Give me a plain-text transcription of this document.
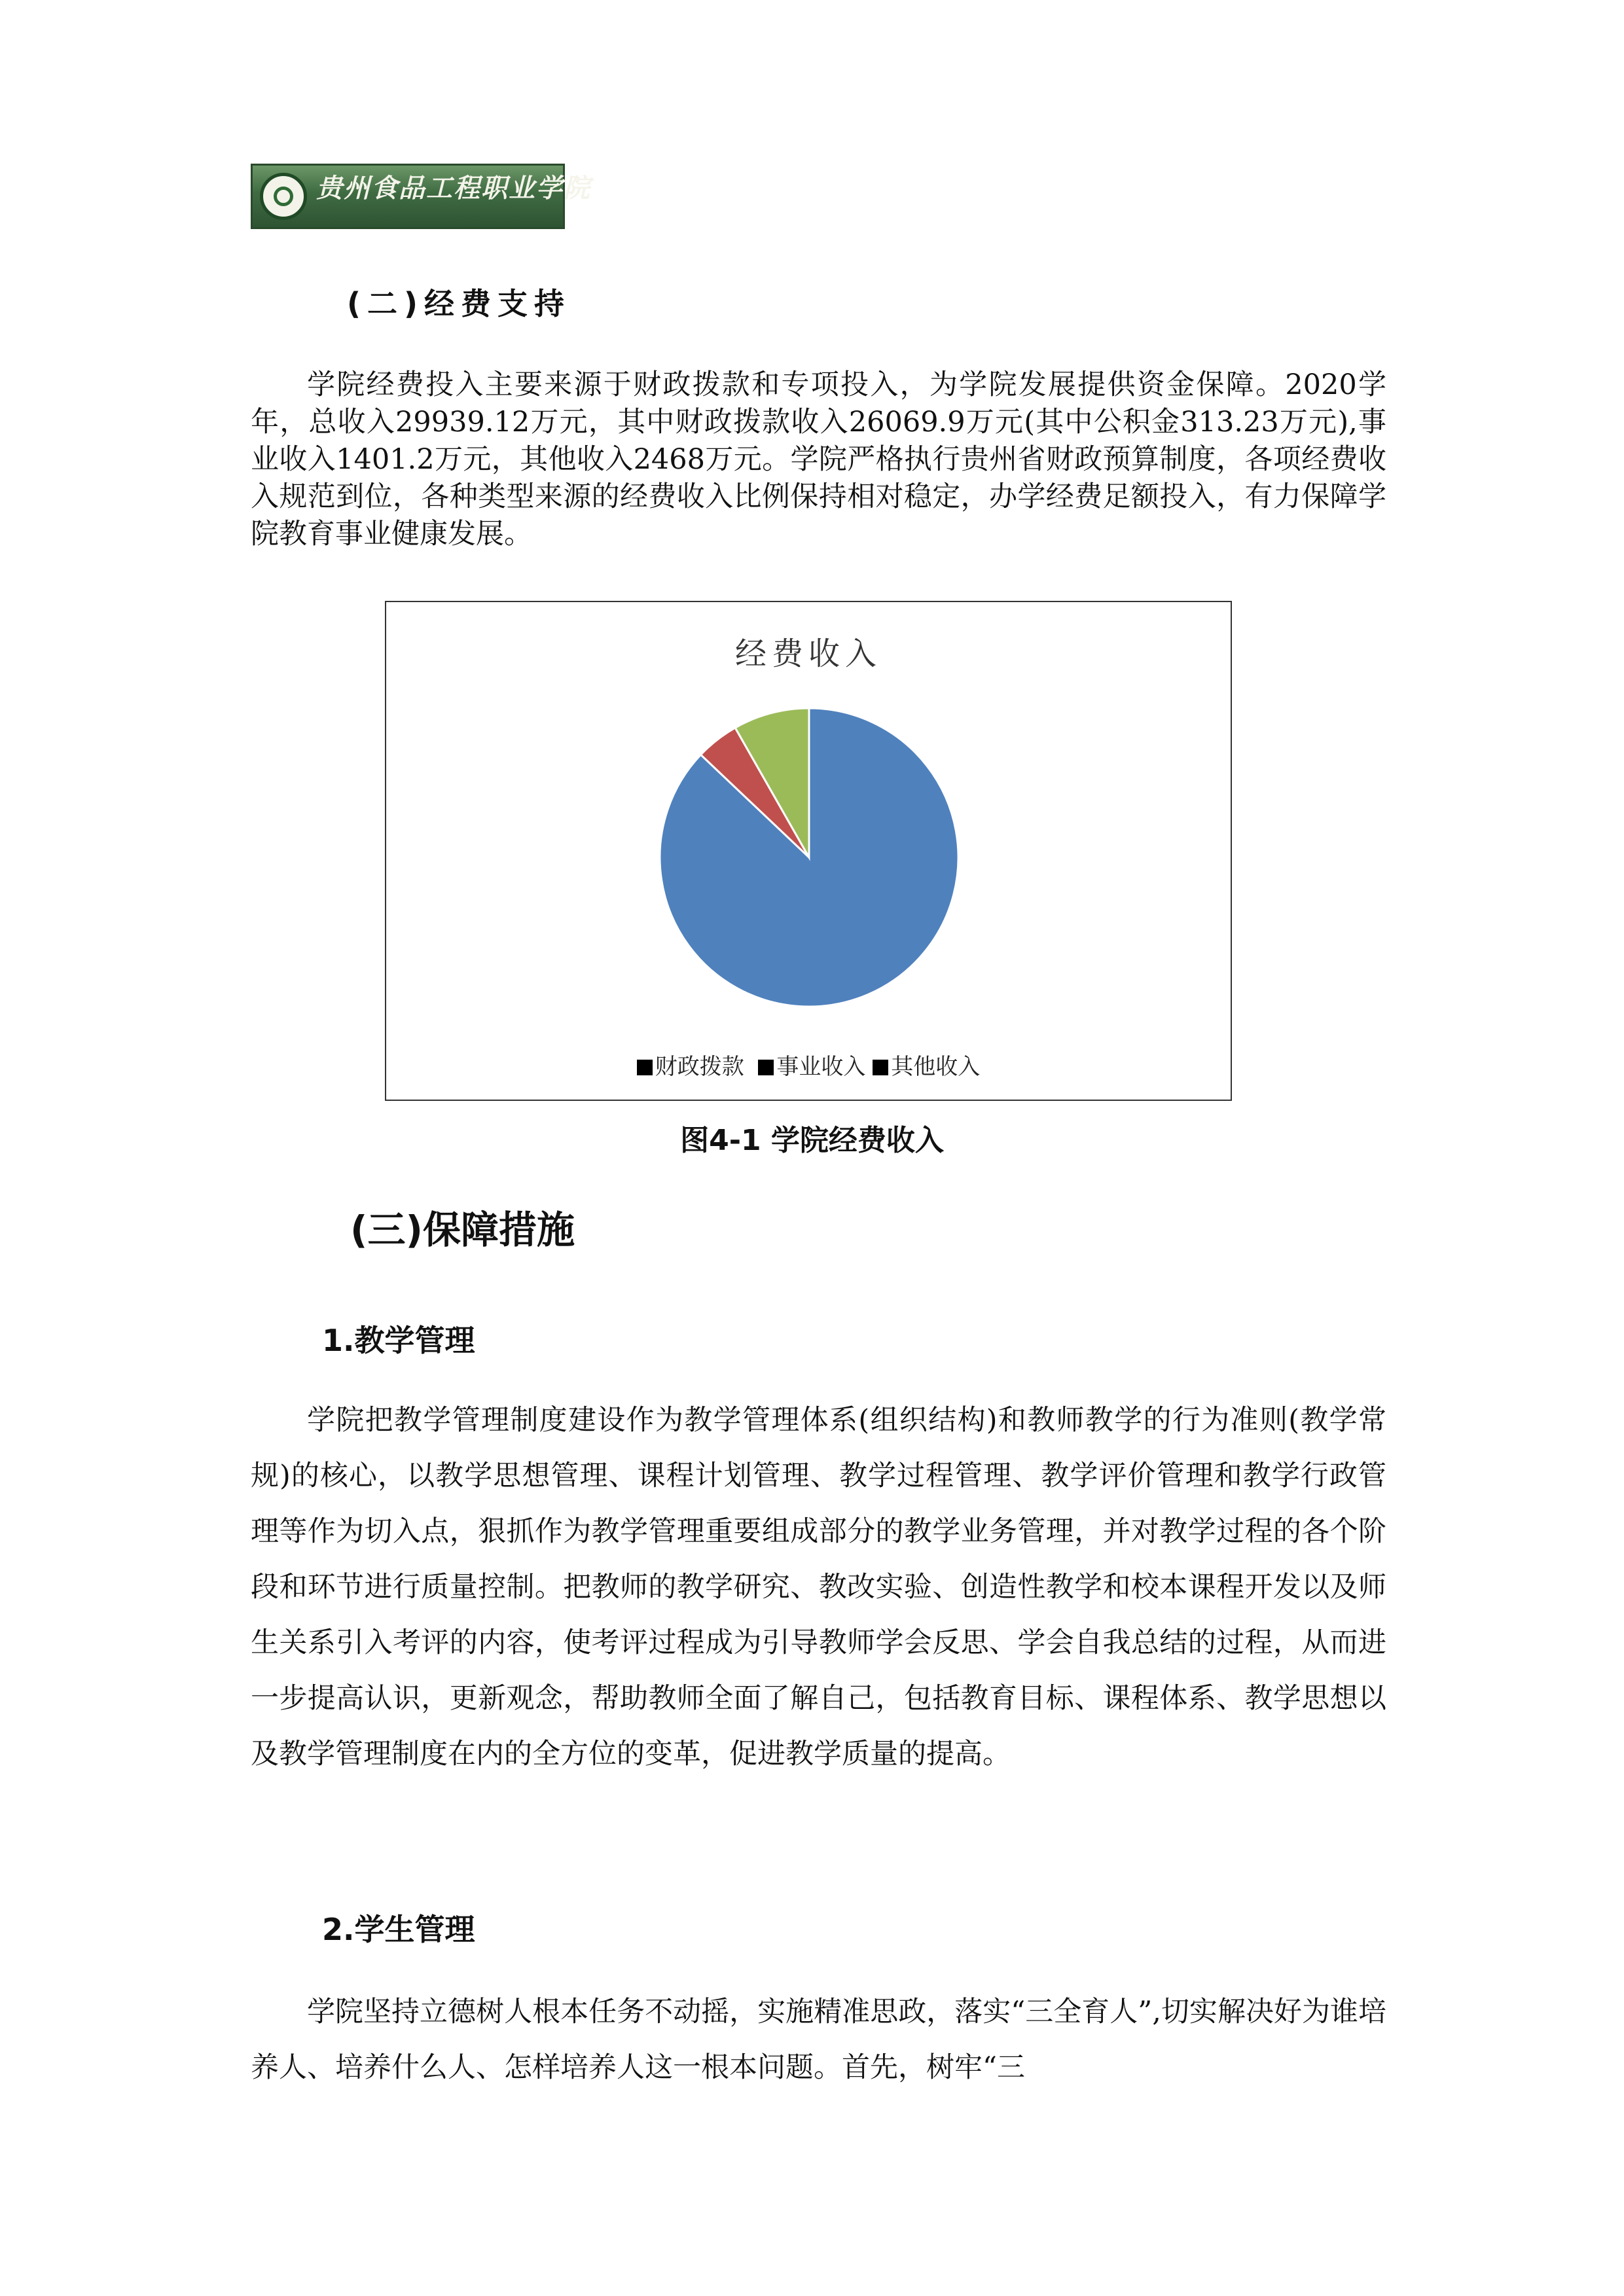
贵州食品工程职业学院
(二)经费支持

学院经费投入主要来源于财政拨款和专项投入，为学院发展提供资金保障。2020学年，总收入29939.12万元，其中财政拨款收入26069.9万元(其中公积金313.23万元),事业收入1401.2万元，其他收入2468万元。学院严格执行贵州省财政预算制度，各项经费收入规范到位，各种类型来源的经费收入比例保持相对稳定，办学经费足额投入，有力保障学院教育事业健康发展。

经费收入
财政拨款 事业收入 其他收入
图4-1 学院经费收入
(三)保障措施
1.教学管理

学院把教学管理制度建设作为教学管理体系(组织结构)和教师教学的行为准则(教学常规)的核心，以教学思想管理、课程计划管理、教学过程管理、教学评价管理和教学行政管理等作为切入点，狠抓作为教学管理重要组成部分的教学业务管理，并对教学过程的各个阶段和环节进行质量控制。把教师的教学研究、教改实验、创造性教学和校本课程开发以及师生关系引入考评的内容，使考评过程成为引导教师学会反思、学会自我总结的过程，从而进一步提高认识，更新观念，帮助教师全面了解自己，包括教育目标、课程体系、教学思想以及教学管理制度在内的全方位的变革，促进教学质量的提高。

2.学生管理

学院坚持立德树人根本任务不动摇，实施精准思政，落实“三全育人”,切实解决好为谁培养人、培养什么人、怎样培养人这一根本问题。首先，树牢“三
